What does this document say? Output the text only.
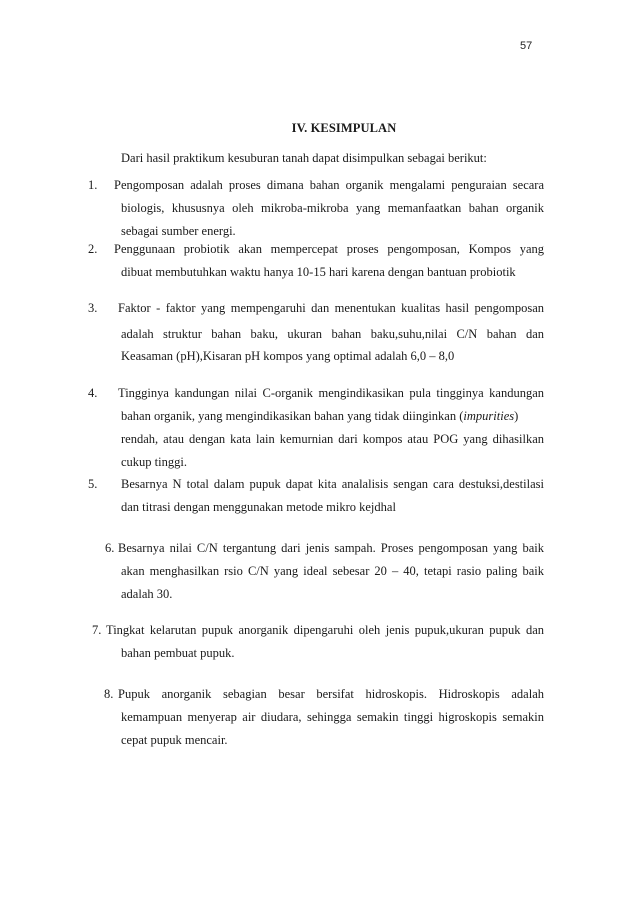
57
IV. KESIMPULAN
Dari hasil praktikum kesuburan tanah dapat disimpulkan sebagai berikut:
1. Pengomposan adalah proses dimana bahan organik mengalami penguraian secara
biologis, khususnya oleh mikroba-mikroba yang memanfaatkan bahan organik
sebagai sumber energi.
2. Penggunaan probiotik akan mempercepat proses pengomposan, Kompos yang
dibuat membutuhkan waktu hanya 10-15 hari karena dengan bantuan probiotik
3. Faktor - faktor yang mempengaruhi dan menentukan kualitas hasil pengomposan
adalah struktur bahan baku, ukuran bahan baku,suhu,nilai C/N bahan dan
Keasaman (pH),Kisaran pH kompos yang optimal adalah 6,0 – 8,0
4. Tingginya kandungan nilai C-organik mengindikasikan pula tingginya kandungan
bahan organik, yang mengindikasikan bahan yang tidak diinginkan (impurities)
rendah, atau dengan kata lain kemurnian dari kompos atau POG yang dihasilkan
cukup tinggi.
5. Besarnya N total dalam pupuk dapat kita analalisis sengan cara destuksi,destilasi
dan titrasi dengan menggunakan metode mikro kejdhal
6. Besarnya nilai C/N tergantung dari jenis sampah. Proses pengomposan yang baik
akan menghasilkan rsio C/N yang ideal sebesar 20 – 40, tetapi rasio paling baik
adalah 30.
7. Tingkat kelarutan pupuk anorganik dipengaruhi oleh jenis pupuk,ukuran pupuk dan
bahan pembuat pupuk.
8. Pupuk anorganik sebagian besar bersifat hidroskopis. Hidroskopis adalah
kemampuan menyerap air diudara, sehingga semakin tinggi higroskopis semakin
cepat pupuk mencair.
